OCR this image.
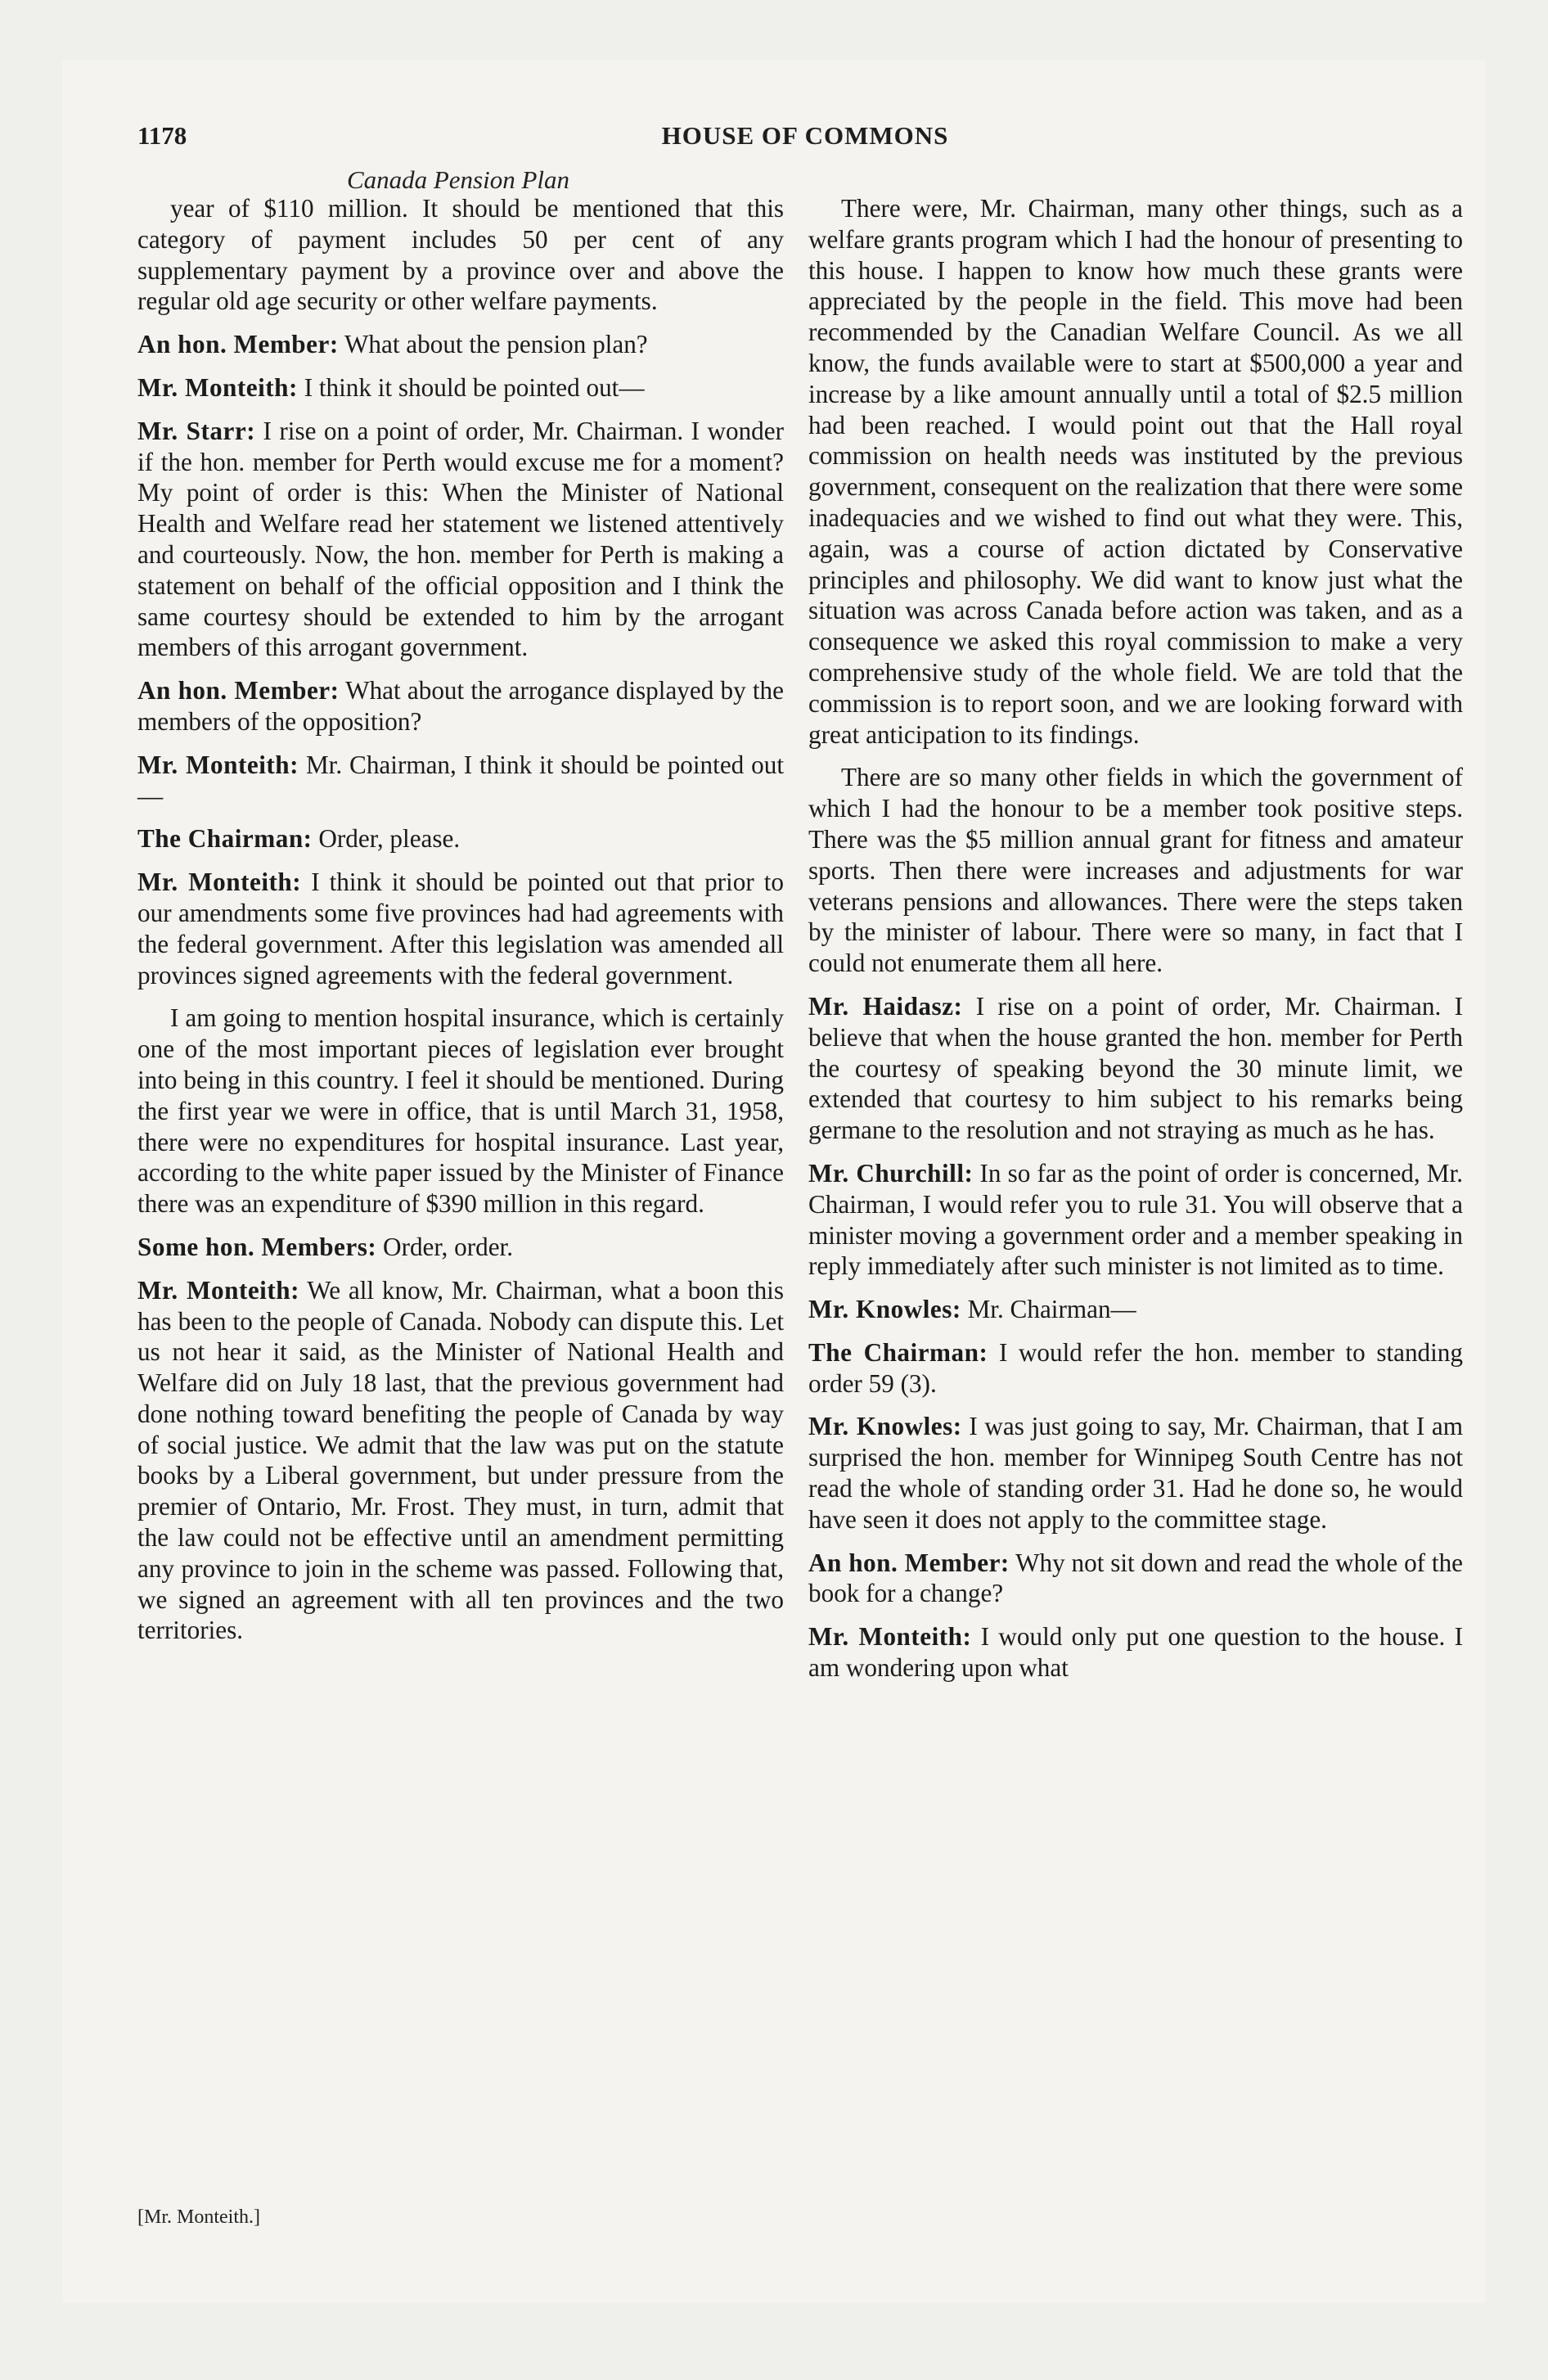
1178	HOUSE OF COMMONS
Canada Pension Plan

year of $110 million. It should be mentioned that this category of payment includes 50 per cent of any supplementary payment by a province over and above the regular old age security or other welfare payments.

An hon. Member: What about the pension plan?

Mr. Monteith: I think it should be pointed out—

Mr. Starr: I rise on a point of order, Mr. Chairman. I wonder if the hon. member for Perth would excuse me for a moment? My point of order is this: When the Minister of National Health and Welfare read her statement we listened attentively and courteously. Now, the hon. member for Perth is making a statement on behalf of the official opposition and I think the same courtesy should be extended to him by the arrogant members of this arrogant government.

An hon. Member: What about the arrogance displayed by the members of the opposition?

Mr. Monteith: Mr. Chairman, I think it should be pointed out—

The Chairman: Order, please.

Mr. Monteith: I think it should be pointed out that prior to our amendments some five provinces had had agreements with the federal government. After this legislation was amended all provinces signed agreements with the federal government.

I am going to mention hospital insurance, which is certainly one of the most important pieces of legislation ever brought into being in this country. I feel it should be mentioned. During the first year we were in office, that is until March 31, 1958, there were no expenditures for hospital insurance. Last year, according to the white paper issued by the Minister of Finance there was an expenditure of $390 million in this regard.

Some hon. Members: Order, order.

Mr. Monteith: We all know, Mr. Chairman, what a boon this has been to the people of Canada. Nobody can dispute this. Let us not hear it said, as the Minister of National Health and Welfare did on July 18 last, that the previous government had done nothing toward benefiting the people of Canada by way of social justice. We admit that the law was put on the statute books by a Liberal government, but under pressure from the premier of Ontario, Mr. Frost. They must, in turn, admit that the law could not be effective until an amendment permitting any province to join in the scheme was passed. Following that, we signed an agreement with all ten provinces and the two territories.

There were, Mr. Chairman, many other things, such as a welfare grants program which I had the honour of presenting to this house. I happen to know how much these grants were appreciated by the people in the field. This move had been recommended by the Canadian Welfare Council. As we all know, the funds available were to start at $500,000 a year and increase by a like amount annually until a total of $2.5 million had been reached. I would point out that the Hall royal commission on health needs was instituted by the previous government, consequent on the realization that there were some inadequacies and we wished to find out what they were. This, again, was a course of action dictated by Conservative principles and philosophy. We did want to know just what the situation was across Canada before action was taken, and as a consequence we asked this royal commission to make a very comprehensive study of the whole field. We are told that the commission is to report soon, and we are looking forward with great anticipation to its findings.

There are so many other fields in which the government of which I had the honour to be a member took positive steps. There was the $5 million annual grant for fitness and amateur sports. Then there were increases and adjustments for war veterans pensions and allowances. There were the steps taken by the minister of labour. There were so many, in fact that I could not enumerate them all here.

Mr. Haidasz: I rise on a point of order, Mr. Chairman. I believe that when the house granted the hon. member for Perth the courtesy of speaking beyond the 30 minute limit, we extended that courtesy to him subject to his remarks being germane to the resolution and not straying as much as he has.

Mr. Churchill: In so far as the point of order is concerned, Mr. Chairman, I would refer you to rule 31. You will observe that a minister moving a government order and a member speaking in reply immediately after such minister is not limited as to time.

Mr. Knowles: Mr. Chairman—

The Chairman: I would refer the hon. member to standing order 59 (3).

Mr. Knowles: I was just going to say, Mr. Chairman, that I am surprised the hon. member for Winnipeg South Centre has not read the whole of standing order 31. Had he done so, he would have seen it does not apply to the committee stage.

An hon. Member: Why not sit down and read the whole of the book for a change?

Mr. Monteith: I would only put one question to the house. I am wondering upon what

[Mr. Monteith.]
